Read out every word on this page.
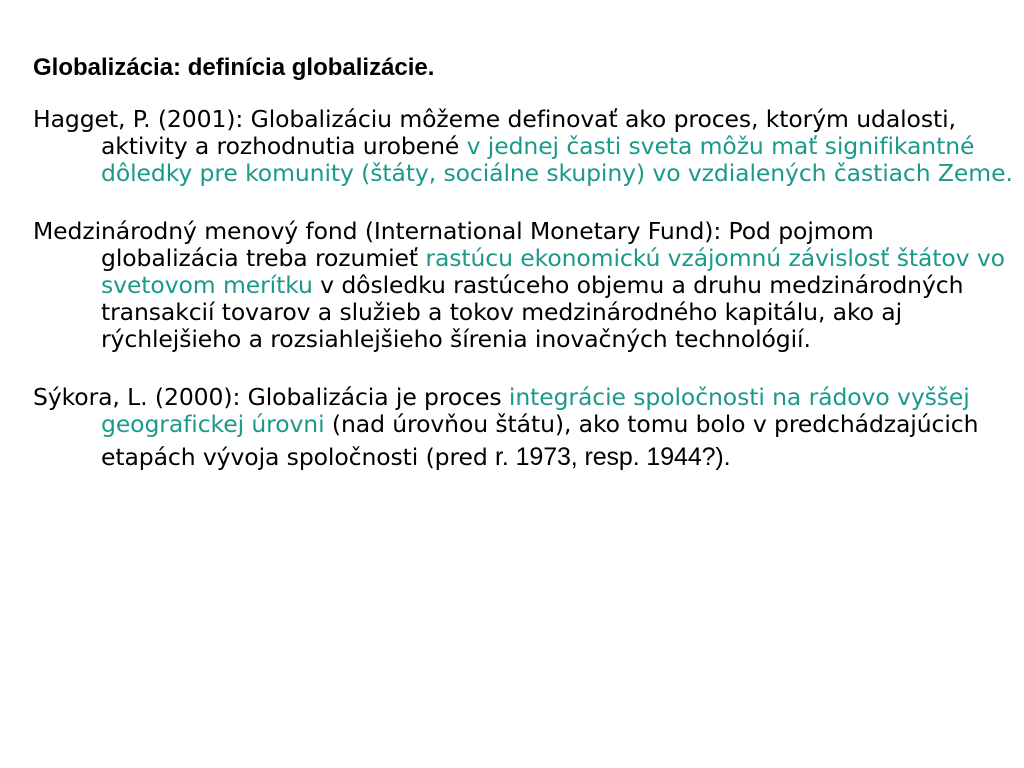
Globalizácia: definícia globalizácie.

Hagget, P. (2001): Globalizáciu môžeme definovať ako proces, ktorým udalosti, aktivity a rozhodnutia urobené v jednej časti sveta môžu mať signifikantné dôledky pre komunity (štáty, sociálne skupiny) vo vzdialených častiach Zeme.

Medzinárodný menový fond (International Monetary Fund): Pod pojmom globalizácia treba rozumieť rastúcu ekonomickú vzájomnú závislosť štátov vo svetovom merítku v dôsledku rastúceho objemu a druhu medzinárodných transakcií tovarov a služieb a tokov medzinárodného kapitálu, ako aj rýchlejšieho a rozsiahlejšieho šírenia inovačných technológií.

Sýkora, L. (2000): Globalizácia je proces integrácie spoločnosti na rádovo vyššej geografickej úrovni (nad úrovňou štátu), ako tomu bolo v predchádzajúcich etapách vývoja spoločnosti (pred r. 1973, resp. 1944?).
